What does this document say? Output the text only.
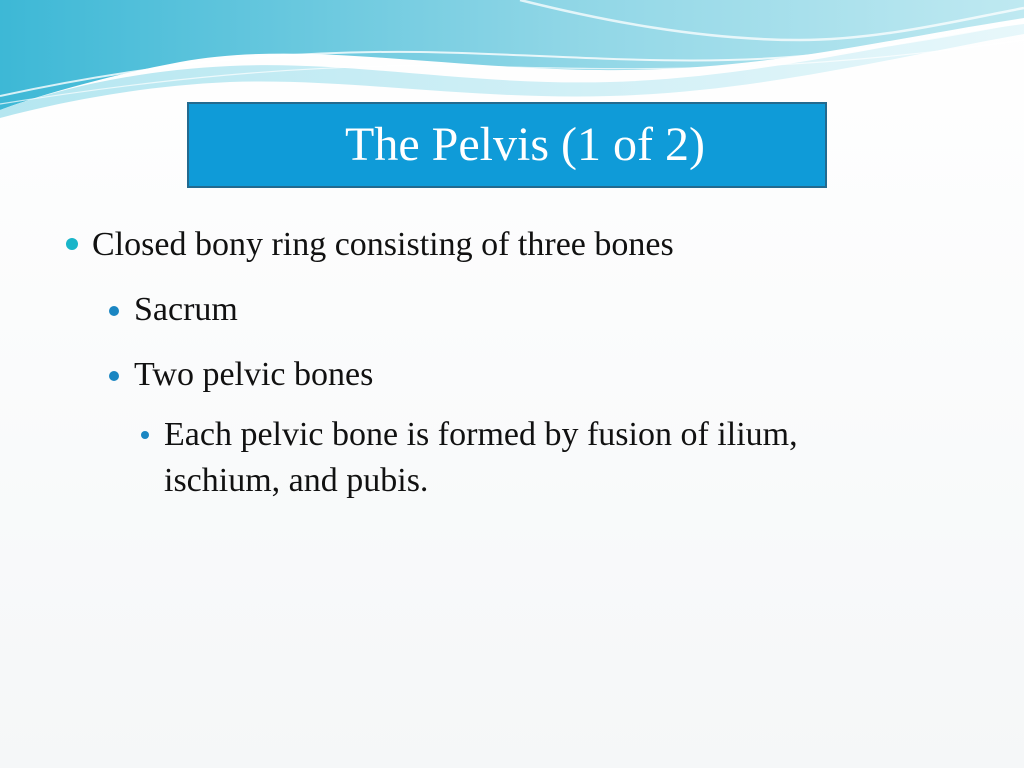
The Pelvis (1 of 2)
Closed bony ring consisting of three bones
Sacrum
Two pelvic bones
Each pelvic bone is formed by fusion of ilium,
ischium, and pubis.
